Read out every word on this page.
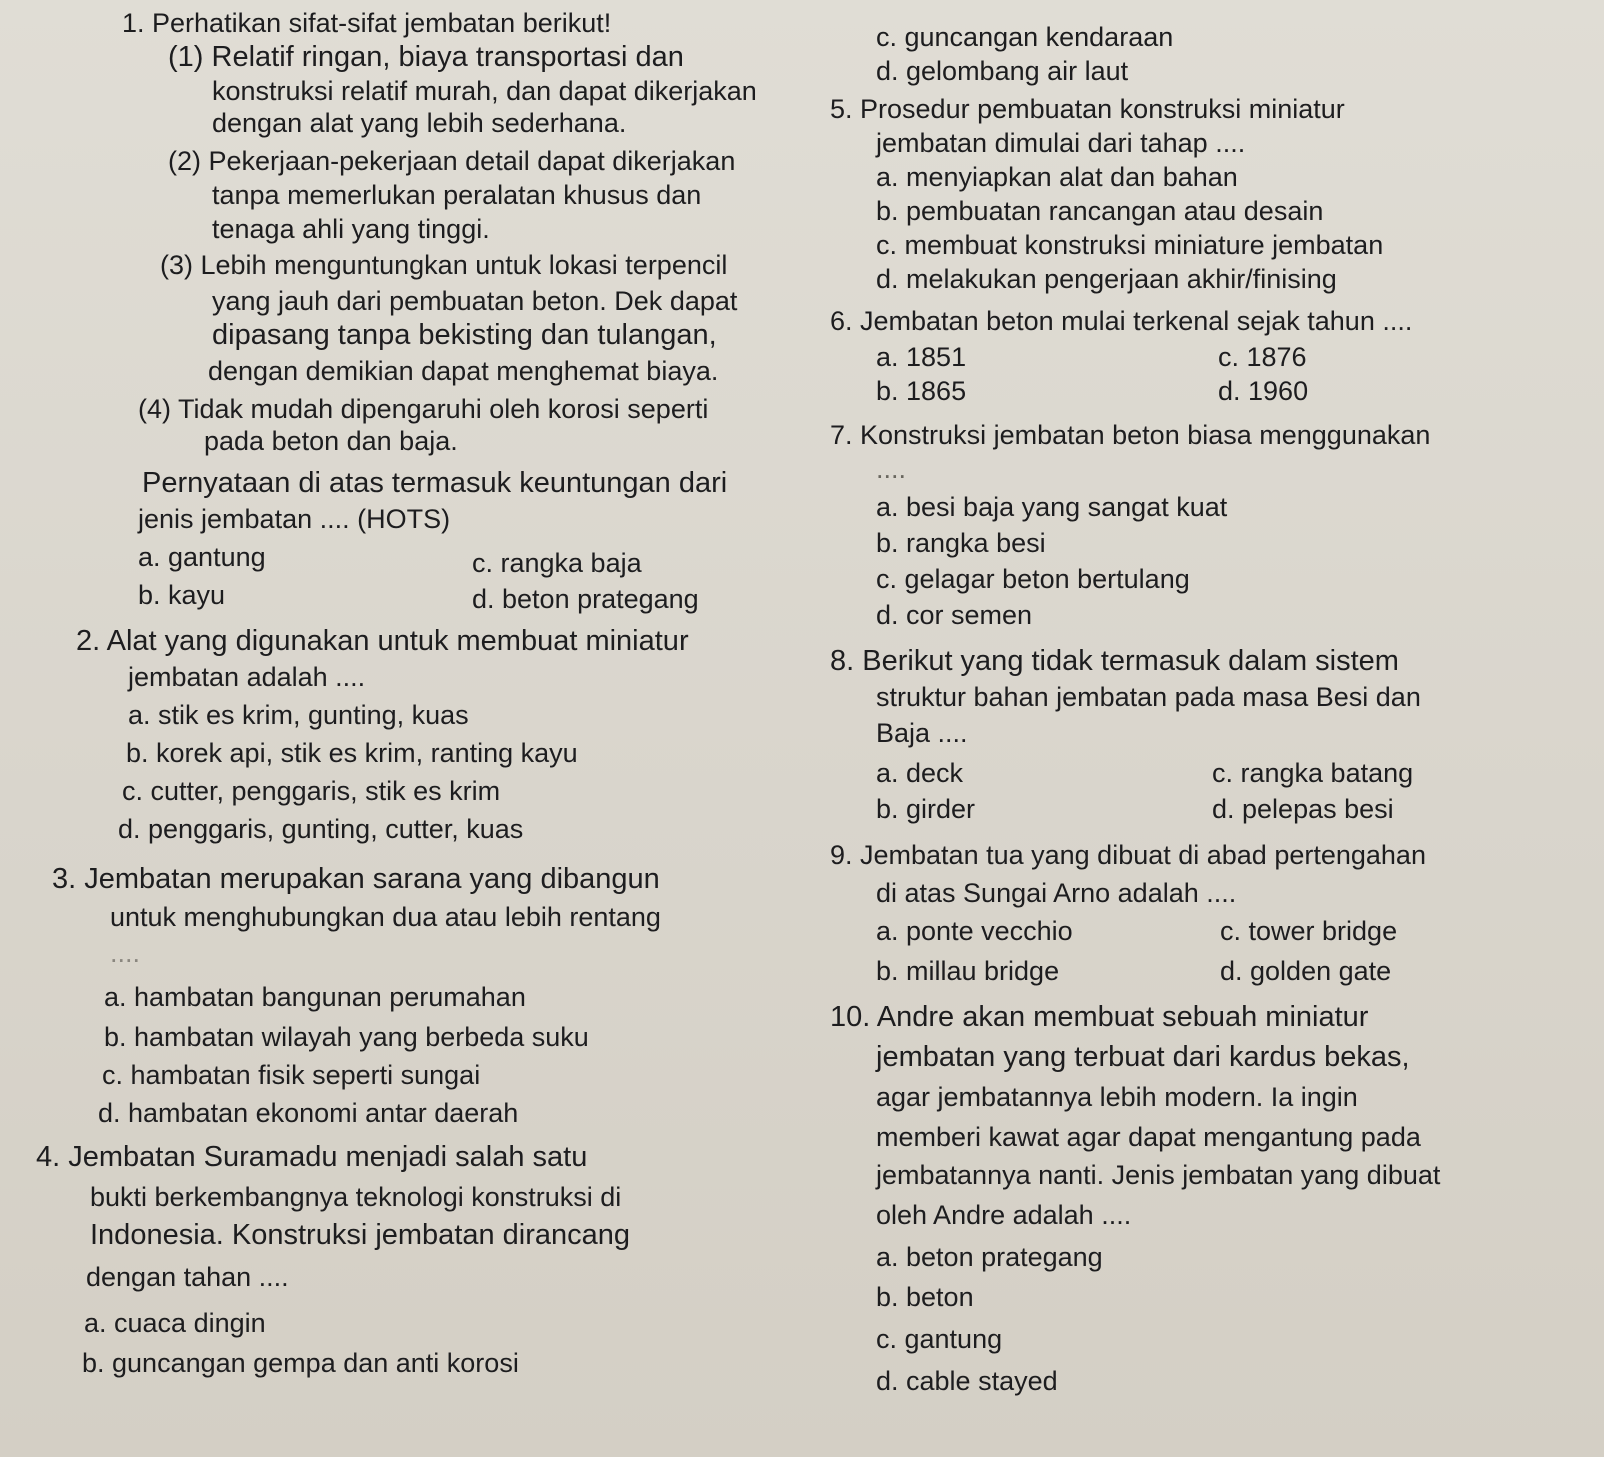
1. Perhatikan sifat-sifat jembatan berikut!
(1) Relatif ringan, biaya transportasi dan
konstruksi relatif murah, dan dapat dikerjakan
dengan alat yang lebih sederhana.
(2) Pekerjaan-pekerjaan detail dapat dikerjakan
tanpa memerlukan peralatan khusus dan
tenaga ahli yang tinggi.
(3) Lebih menguntungkan untuk lokasi terpencil
yang jauh dari pembuatan beton. Dek dapat
dipasang tanpa bekisting dan tulangan,
dengan demikian dapat menghemat biaya.
(4) Tidak mudah dipengaruhi oleh korosi seperti
pada beton dan baja.
Pernyataan di atas termasuk keuntungan dari
jenis jembatan .... (HOTS)
a. gantung
b. kayu
c. rangka baja
d. beton prategang
2. Alat yang digunakan untuk membuat miniatur
jembatan adalah ....
a. stik es krim, gunting, kuas
b. korek api, stik es krim, ranting kayu
c. cutter, penggaris, stik es krim
d. penggaris, gunting, cutter, kuas
3. Jembatan merupakan sarana yang dibangun
untuk menghubungkan dua atau lebih rentang
....
a. hambatan bangunan perumahan
b. hambatan wilayah yang berbeda suku
c. hambatan fisik seperti sungai
d. hambatan ekonomi antar daerah
4. Jembatan Suramadu menjadi salah satu
bukti berkembangnya teknologi konstruksi di
Indonesia. Konstruksi jembatan dirancang
dengan tahan ....
a. cuaca dingin
b. guncangan gempa dan anti korosi
c. guncangan kendaraan
d. gelombang air laut
5. Prosedur pembuatan konstruksi miniatur
jembatan dimulai dari tahap ....
a. menyiapkan alat dan bahan
b. pembuatan rancangan atau desain
c. membuat konstruksi miniature jembatan
d. melakukan pengerjaan akhir/finising
6. Jembatan beton mulai terkenal sejak tahun ....
a. 1851
b. 1865
c. 1876
d. 1960
7. Konstruksi jembatan beton biasa menggunakan
....
a. besi baja yang sangat kuat
b. rangka besi
c. gelagar beton bertulang
d. cor semen
8. Berikut yang tidak termasuk dalam sistem
struktur bahan jembatan pada masa Besi dan
Baja ....
a. deck
b. girder
c. rangka batang
d. pelepas besi
9. Jembatan tua yang dibuat di abad pertengahan
di atas Sungai Arno adalah ....
a. ponte vecchio
b. millau bridge
c. tower bridge
d. golden gate
10. Andre akan membuat sebuah miniatur
jembatan yang terbuat dari kardus bekas,
agar jembatannya lebih modern. Ia ingin
memberi kawat agar dapat mengantung pada
jembatannya nanti. Jenis jembatan yang dibuat
oleh Andre adalah ....
a. beton prategang
b. beton
c. gantung
d. cable stayed
